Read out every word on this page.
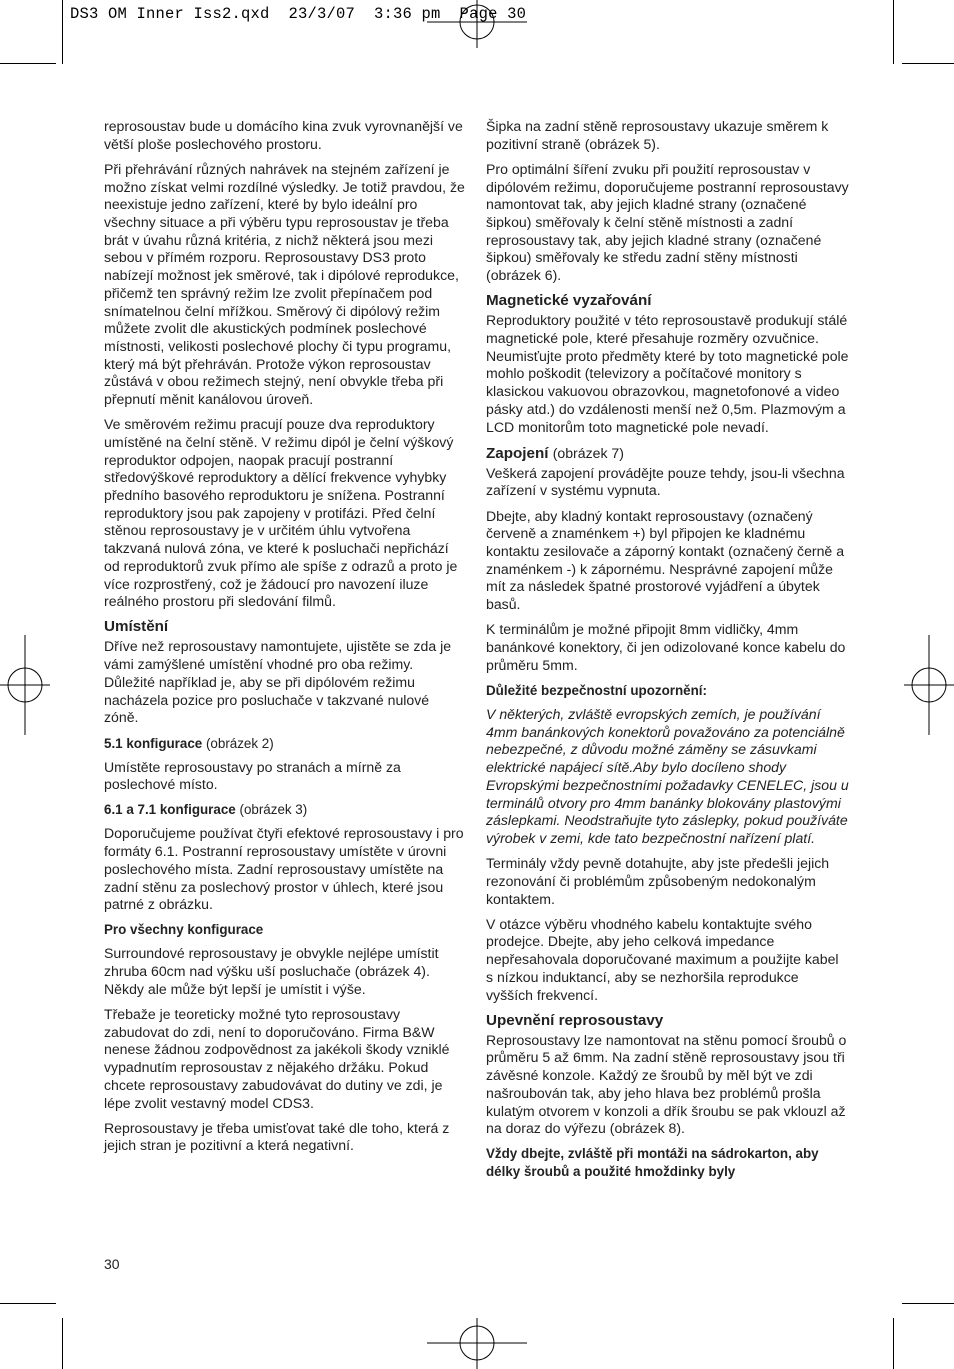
DS3 OM Inner Iss2.qxd  23/3/07  3:36 pm  Page 30

reprosoustav bude u domácího kina zvuk vyrovnanější ve větší ploše poslechového prostoru.

Při přehrávání různých nahrávek na stejném zařízení je možno získat velmi rozdílné výsledky. Je totiž pravdou, že neexistuje jedno zařízení, které by bylo ideální pro všechny situace a při výběru typu reprosoustav je třeba brát v úvahu různá kritéria, z nichž některá jsou mezi sebou v přímém rozporu. Reprosoustavy DS3 proto nabízejí možnost jek směrové, tak i dipólové reprodukce, přičemž ten správný režim lze zvolit přepínačem pod snímatelnou čelní mřížkou. Směrový či dipólový režim můžete zvolit dle akustických podmínek poslechové místnosti, velikosti poslechové plochy či typu programu, který má být přehráván. Protože výkon reprosoustav zůstává v obou režimech stejný, není obvykle třeba při přepnutí měnit kanálovou úroveň.

Ve směrovém režimu pracují pouze dva reproduktory umístěné na čelní stěně. V režimu dipól je čelní výškový reproduktor odpojen, naopak pracují postranní středovýškové reproduktory a dělící frekvence vyhybky předního basového reproduktoru je snížena. Postranní reproduktory jsou pak zapojeny v protifázi. Před čelní stěnou reprosoustavy je v určitém úhlu vytvořena takzvaná nulová zóna, ve které k posluchači nepřichází od reproduktorů zvuk přímo ale spíše z odrazů a proto je více rozprostřený, což je žádoucí pro navození iluze reálného prostoru při sledování filmů.

Umístění

Dříve než reprosoustavy namontujete, ujistěte se zda je vámi zamýšlené umístění vhodné pro oba režimy. Důležité například je, aby se při dipólovém režimu nacházela pozice pro posluchače v takzvané nulové zóně.

5.1 konfigurace (obrázek 2)

Umístěte reprosoustavy po stranách a mírně za poslechové místo.

6.1 a 7.1 konfigurace (obrázek 3)

Doporučujeme používat čtyři efektové reprosoustavy i pro formáty 6.1. Postranní reprosoustavy umístěte v úrovni poslechového místa. Zadní reprosoustavy umístěte na zadní stěnu za poslechový prostor v úhlech, které jsou patrné z obrázku.

Pro všechny konfigurace

Surroundové reprosoustavy je obvykle nejlépe umístit zhruba 60cm nad výšku uší posluchače (obrázek 4). Někdy ale může být lepší je umístit i výše.

Třebaže je teoreticky možné tyto reprosoustavy zabudovat do zdi, není to doporučováno. Firma B&W nenese žádnou zodpovědnost za jakékoli škody vzniklé vypadnutím reprosoustav z nějakého držáku. Pokud chcete reprosoustavy zabudovávat do dutiny ve zdi, je lépe zvolit vestavný model CDS3.

Reprosoustavy je třeba umisťovat také dle toho, která z jejich stran je pozitivní a která negativní.

Šipka na zadní stěně reprosoustavy ukazuje směrem k pozitivní straně (obrázek 5).

Pro optimální šíření zvuku při použití reprosoustav v dipólovém režimu, doporučujeme postranní reprosoustavy namontovat tak, aby jejich kladné strany (označené šipkou) směřovaly k čelní stěně místnosti a zadní reprosoustavy tak, aby jejich kladné strany (označené šipkou) směřovaly ke středu zadní stěny místnosti (obrázek 6).

Magnetické vyzařování

Reproduktory použité v této reprosoustavě produkují stálé magnetické pole, které přesahuje rozměry ozvučnice. Neumisťujte proto předměty které by toto magnetické pole mohlo poškodit (televizory a počítačové monitory s klasickou vakuovou obrazovkou, magnetofonové a video pásky atd.) do vzdálenosti menší než 0,5m. Plazmovým a LCD monitorům toto magnetické pole nevadí.

Zapojení (obrázek 7)

Veškerá zapojení provádějte pouze tehdy, jsou-li všechna zařízení v systému vypnuta.

Dbejte, aby kladný kontakt reprosoustavy (označený červeně a znaménkem +) byl připojen ke kladnému kontaktu zesilovače a záporný kontakt (označený černě a znaménkem -) k zápornému. Nesprávné zapojení může mít za následek špatné prostorové vyjádření a úbytek basů.

K terminálům je možné připojit 8mm vidličky, 4mm banánkové konektory, či jen odizolované konce kabelu do průměru 5mm.

Důležité bezpečnostní upozornění:

V některých, zvláště evropských zemích, je používání 4mm banánkových konektorů považováno za potenciálně nebezpečné, z důvodu možné záměny se zásuvkami elektrické napájecí sítě.Aby bylo docíleno shody Evropskými bezpečnostními požadavky CENELEC, jsou u terminálů otvory pro 4mm banánky blokovány plastovými záslepkami. Neodstraňujte tyto záslepky, pokud používáte výrobek v zemi, kde tato bezpečnostní nařízení platí.

Terminály vždy pevně dotahujte, aby jste předešli jejich rezonování či problémům způsobeným nedokonalým kontaktem.

V otázce výběru vhodného kabelu kontaktujte svého prodejce. Dbejte, aby jeho celková impedance nepřesahovala doporučované maximum a použijte kabel s nízkou induktancí, aby se nezhoršila reprodukce vyšších frekvencí.

Upevnění reprosoustavy

Reprosoustavy lze namontovat na stěnu pomocí šroubů o průměru 5 až 6mm. Na zadní stěně reprosoustavy jsou tři závěsné konzole. Každý ze šroubů by měl být ve zdi našroubován tak, aby jeho hlava bez problémů prošla kulatým otvorem v konzoli a dřík šroubu se pak vklouzl až na doraz do výřezu (obrázek 8).

Vždy dbejte, zvláště při montáži na sádrokarton, aby délky šroubů a použité hmoždinky byly

30
